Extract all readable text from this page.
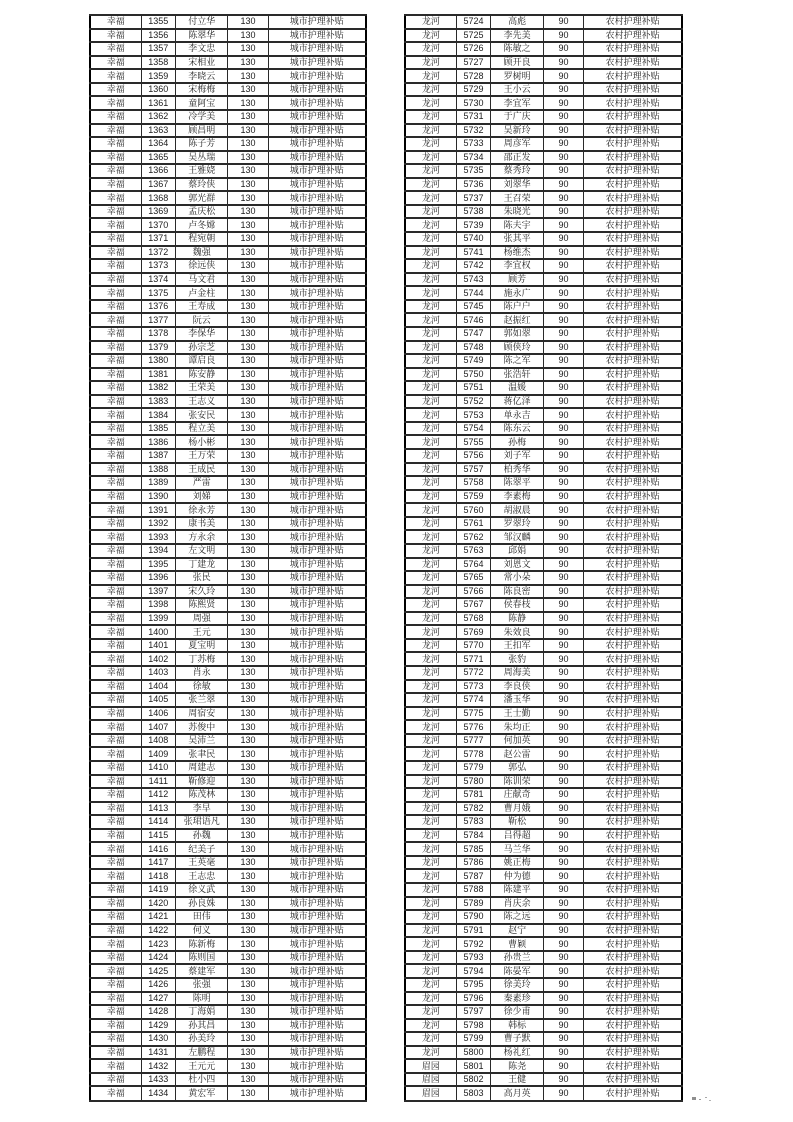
幸福	1355	付立华	130	城市护理补贴
幸福	1356	陈翠华	130	城市护理补贴
幸福	1357	李文忠	130	城市护理补贴
幸福	1358	宋相业	130	城市护理补贴
幸福	1359	李晓云	130	城市护理补贴
幸福	1360	宋梅梅	130	城市护理补贴
幸福	1361	童阿宝	130	城市护理补贴
幸福	1362	冷学美	130	城市护理补贴
幸福	1363	顾昌明	130	城市护理补贴
幸福	1364	陈子芳	130	城市护理补贴
幸福	1365	吴丛瑞	130	城市护理补贴
幸福	1366	王雅娆	130	城市护理补贴
幸福	1367	蔡玲侠	130	城市护理补贴
幸福	1368	郭光群	130	城市护理补贴
幸福	1369	孟庆松	130	城市护理补贴
幸福	1370	卢冬嫦	130	城市护理补贴
幸福	1371	程宛朝	130	城市护理补贴
幸福	1372	魏强	130	城市护理补贴
幸福	1373	徐远侠	130	城市护理补贴
幸福	1374	马文君	130	城市护理补贴
幸福	1375	卢金柱	130	城市护理补贴
幸福	1376	王寿成	130	城市护理补贴
幸福	1377	阮云	130	城市护理补贴
幸福	1378	李保华	130	城市护理补贴
幸福	1379	孙宗芝	130	城市护理补贴
幸福	1380	谭启良	130	城市护理补贴
幸福	1381	陈安静	130	城市护理补贴
幸福	1382	王荣美	130	城市护理补贴
幸福	1383	王志义	130	城市护理补贴
幸福	1384	张安民	130	城市护理补贴
幸福	1385	程立美	130	城市护理补贴
幸福	1386	杨小彬	130	城市护理补贴
幸福	1387	王万荣	130	城市护理补贴
幸福	1388	王成民	130	城市护理补贴
幸福	1389	严雷	130	城市护理补贴
幸福	1390	刘娣	130	城市护理补贴
幸福	1391	徐永芳	130	城市护理补贴
幸福	1392	康书美	130	城市护理补贴
幸福	1393	方永余	130	城市护理补贴
幸福	1394	左文明	130	城市护理补贴
幸福	1395	丁建龙	130	城市护理补贴
幸福	1396	张民	130	城市护理补贴
幸福	1397	宋久玲	130	城市护理补贴
幸福	1398	陈熙贤	130	城市护理补贴
幸福	1399	周强	130	城市护理补贴
幸福	1400	王元	130	城市护理补贴
幸福	1401	夏宝明	130	城市护理补贴
幸福	1402	丁苏梅	130	城市护理补贴
幸福	1403	肖永	130	城市护理补贴
幸福	1404	徐敏	130	城市护理补贴
幸福	1405	张兰翠	130	城市护理补贴
幸福	1406	周宿安	130	城市护理补贴
幸福	1407	苏俊中	130	城市护理补贴
幸福	1408	吴沛兰	130	城市护理补贴
幸福	1409	张聿民	130	城市护理补贴
幸福	1410	周建志	130	城市护理补贴
幸福	1411	靳修迎	130	城市护理补贴
幸福	1412	陈茂林	130	城市护理补贴
幸福	1413	李早	130	城市护理补贴
幸福	1414	张珺语凡	130	城市护理补贴
幸福	1415	孙魏	130	城市护理补贴
幸福	1416	纪美子	130	城市护理补贴
幸福	1417	王英毫	130	城市护理补贴
幸福	1418	王志忠	130	城市护理补贴
幸福	1419	徐义武	130	城市护理补贴
幸福	1420	孙良姝	130	城市护理补贴
幸福	1421	田伟	130	城市护理补贴
幸福	1422	何义	130	城市护理补贴
幸福	1423	陈新梅	130	城市护理补贴
幸福	1424	陈则国	130	城市护理补贴
幸福	1425	蔡建军	130	城市护理补贴
幸福	1426	张强	130	城市护理补贴
幸福	1427	陈明	130	城市护理补贴
幸福	1428	丁海娟	130	城市护理补贴
幸福	1429	孙其昌	130	城市护理补贴
幸福	1430	孙美玲	130	城市护理补贴
幸福	1431	左鹏程	130	城市护理补贴
幸福	1432	王元元	130	城市护理补贴
幸福	1433	杜小四	130	城市护理补贴
幸福	1434	黄宏军	130	城市护理补贴
龙河	5724	高彪	90	农村护理补贴
龙河	5725	李先美	90	农村护理补贴
龙河	5726	陈敏之	90	农村护理补贴
龙河	5727	顾开良	90	农村护理补贴
龙河	5728	罗树明	90	农村护理补贴
龙河	5729	王小云	90	农村护理补贴
龙河	5730	李宜军	90	农村护理补贴
龙河	5731	于广庆	90	农村护理补贴
龙河	5732	吴新玲	90	农村护理补贴
龙河	5733	周彦军	90	农村护理补贴
龙河	5734	邵正发	90	农村护理补贴
龙河	5735	蔡秀玲	90	农村护理补贴
龙河	5736	刘翠华	90	农村护理补贴
龙河	5737	王召荣	90	农村护理补贴
龙河	5738	朱晓光	90	农村护理补贴
龙河	5739	陈夫宇	90	农村护理补贴
龙河	5740	张其平	90	农村护理补贴
龙河	5741	杨维杰	90	农村护理补贴
龙河	5742	李宜权	90	农村护理补贴
龙河	5743	顾芳	90	农村护理补贴
龙河	5744	施永广	90	农村护理补贴
龙河	5745	陈户户	90	农村护理补贴
龙河	5746	赵振红	90	农村护理补贴
龙河	5747	郭如翠	90	农村护理补贴
龙河	5748	顾侠玲	90	农村护理补贴
龙河	5749	陈之军	90	农村护理补贴
龙河	5750	张浩轩	90	农村护理补贴
龙河	5751	温媛	90	农村护理补贴
龙河	5752	蒋亿泽	90	农村护理补贴
龙河	5753	单永吉	90	农村护理补贴
龙河	5754	陈东云	90	农村护理补贴
龙河	5755	孙梅	90	农村护理补贴
龙河	5756	刘子军	90	农村护理补贴
龙河	5757	柏秀华	90	农村护理补贴
龙河	5758	陈翠平	90	农村护理补贴
龙河	5759	李素梅	90	农村护理补贴
龙河	5760	胡淑晨	90	农村护理补贴
龙河	5761	罗翠玲	90	农村护理补贴
龙河	5762	邹汉麟	90	农村护理补贴
龙河	5763	邱娟	90	农村护理补贴
龙河	5764	刘恩文	90	农村护理补贴
龙河	5765	常小朵	90	农村护理补贴
龙河	5766	陈良密	90	农村护理补贴
龙河	5767	侯春枝	90	农村护理补贴
龙河	5768	陈静	90	农村护理补贴
龙河	5769	朱效良	90	农村护理补贴
龙河	5770	王扣军	90	农村护理补贴
龙河	5771	张豹	90	农村护理补贴
龙河	5772	周海美	90	农村护理补贴
龙河	5773	李良侠	90	农村护理补贴
龙河	5774	潘玉华	90	农村护理补贴
龙河	5775	王士勤	90	农村护理补贴
龙河	5776	朱均正	90	农村护理补贴
龙河	5777	何加英	90	农村护理补贴
龙河	5778	赵公雷	90	农村护理补贴
龙河	5779	郭弘	90	农村护理补贴
龙河	5780	陈训荣	90	农村护理补贴
龙河	5781	庄献奇	90	农村护理补贴
龙河	5782	曹月娥	90	农村护理补贴
龙河	5783	靳松	90	农村护理补贴
龙河	5784	吕得超	90	农村护理补贴
龙河	5785	马兰华	90	农村护理补贴
龙河	5786	姚正梅	90	农村护理补贴
龙河	5787	仲为德	90	农村护理补贴
龙河	5788	陈建平	90	农村护理补贴
龙河	5789	肖庆余	90	农村护理补贴
龙河	5790	陈之远	90	农村护理补贴
龙河	5791	赵宁	90	农村护理补贴
龙河	5792	曹颖	90	农村护理补贴
龙河	5793	孙贵兰	90	农村护理补贴
龙河	5794	陈晏军	90	农村护理补贴
龙河	5795	徐美玲	90	农村护理补贴
龙河	5796	秦素珍	90	农村护理补贴
龙河	5797	徐少甫	90	农村护理补贴
龙河	5798	韩标	90	农村护理补贴
龙河	5799	曹子默	90	农村护理补贴
龙河	5800	杨礼红	90	农村护理补贴
眉园	5801	陈尧	90	农村护理补贴
眉园	5802	王健	90	农村护理补贴
眉园	5803	高月英	90	农村护理补贴
